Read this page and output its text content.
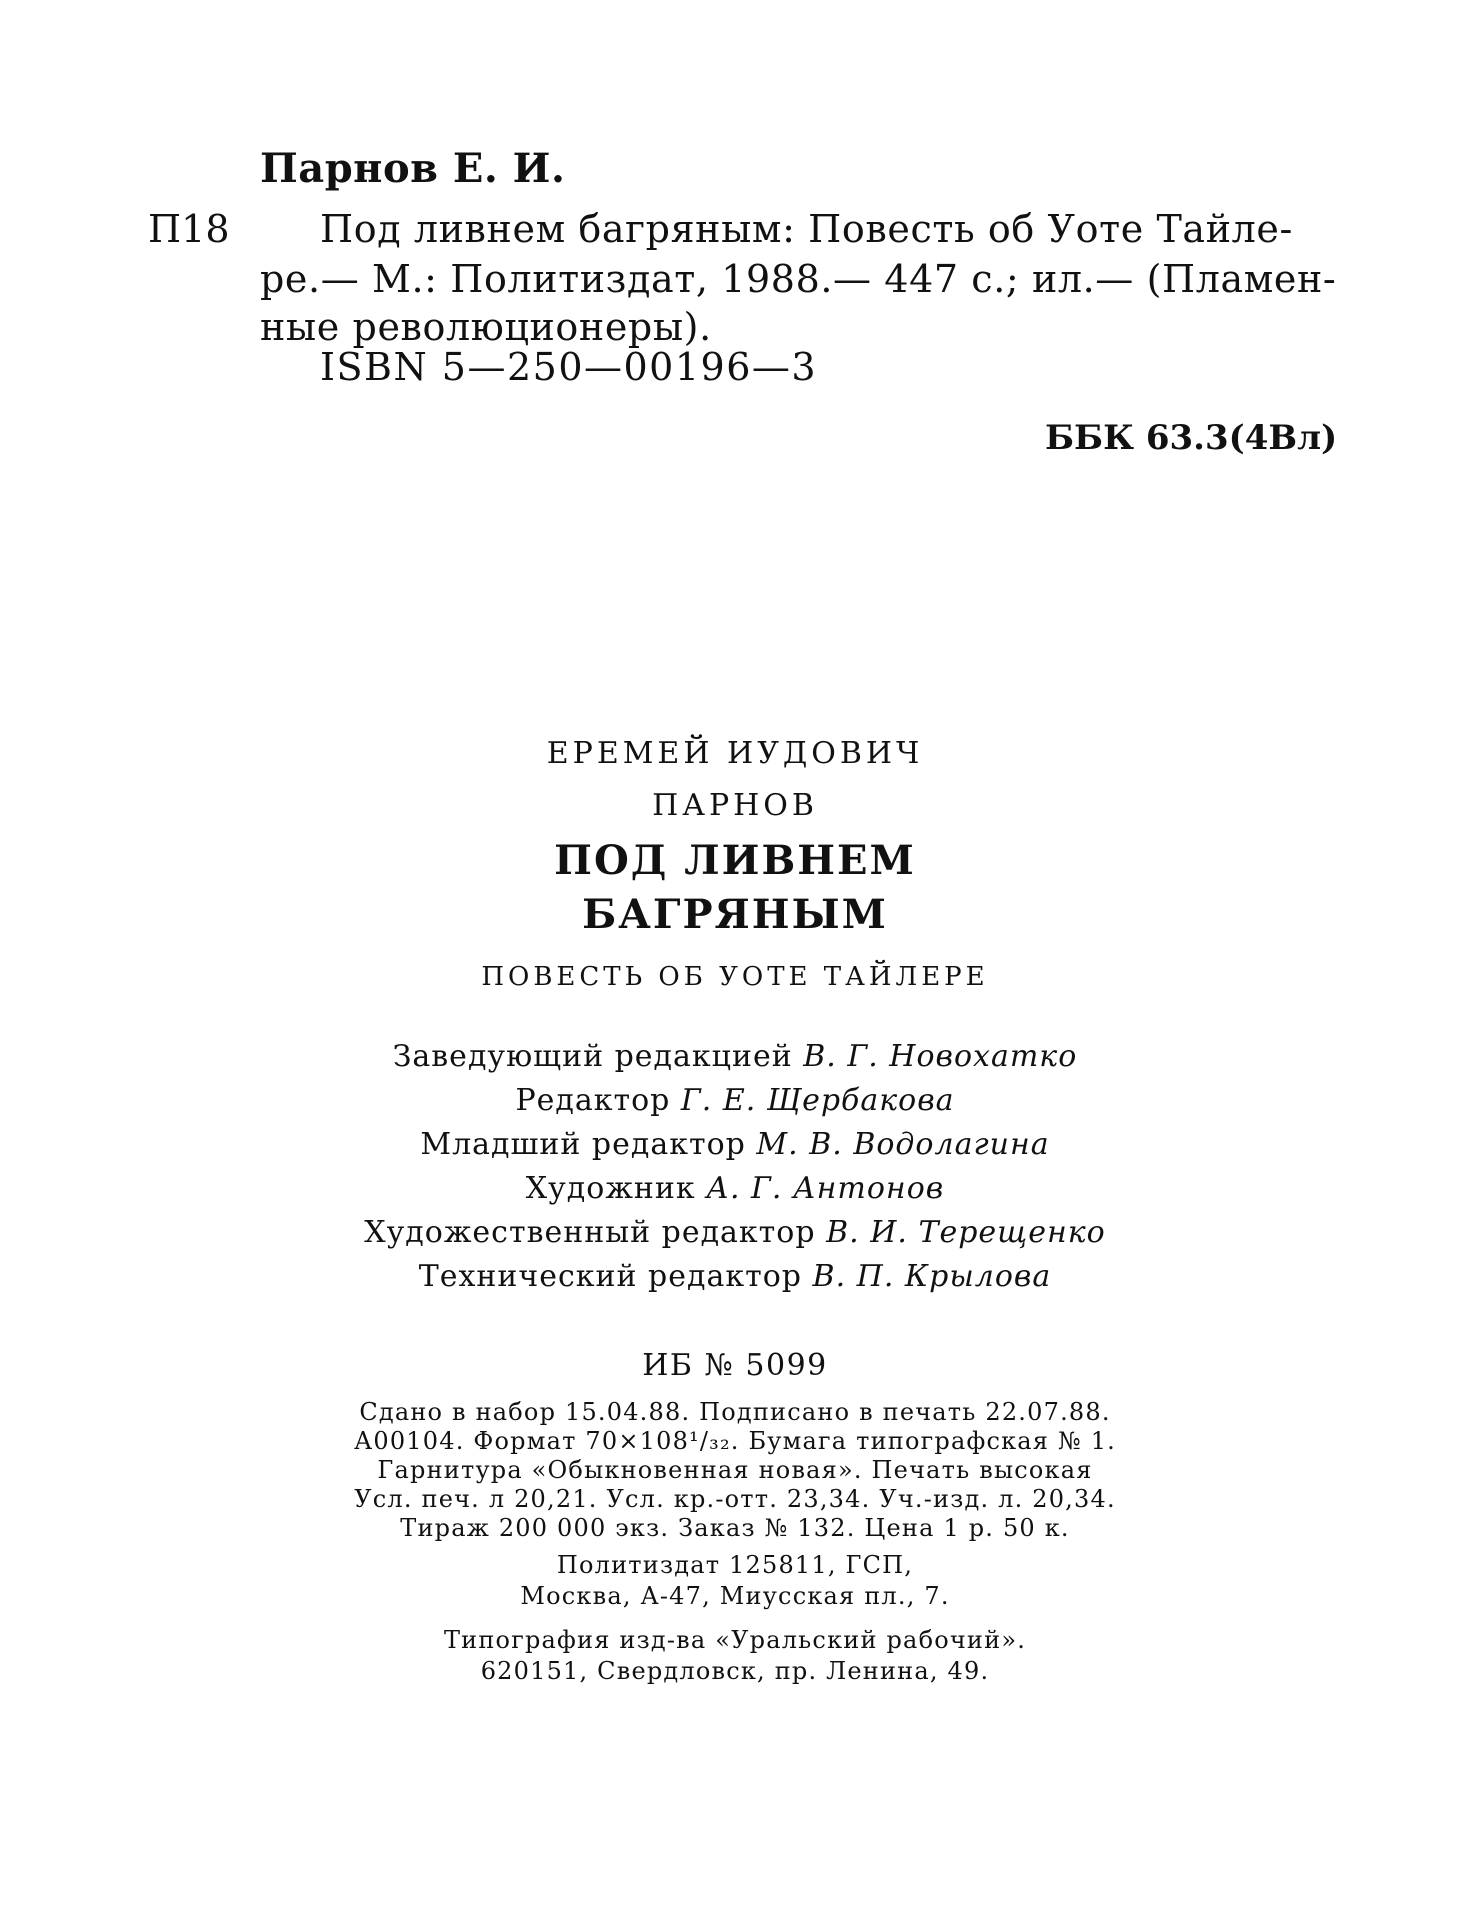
Парнов Е. И.
П18 Под ливнем багряным: Повесть об Уоте Тайле-
ре.— М.: Политиздат, 1988.— 447 с.; ил.— (Пламен-
ные революционеры).
ISBN 5—250—00196—3
ББК 63.3(4Вл)
ЕРЕМЕЙ ИУДОВИЧ
ПАРНОВ
ПОД ЛИВНЕМ
БАГРЯНЫМ
ПОВЕСТЬ ОБ УОТЕ ТАЙЛЕРЕ
Заведующий редакцией В. Г. Новохатко
Редактор Г. Е. Щербакова
Младший редактор М. В. Водолагина
Художник А. Г. Антонов
Художественный редактор В. И. Терещенко
Технический редактор В. П. Крылова
ИБ № 5099
Сдано в набор 15.04.88. Подписано в печать 22.07.88.
А00104. Формат 70×108¹/₃₂. Бумага типографская № 1.
Гарнитура «Обыкновенная новая». Печать высокая
Усл. печ. л 20,21. Усл. кр.-отт. 23,34. Уч.-изд. л. 20,34.
Тираж 200 000 экз. Заказ № 132. Цена 1 р. 50 к.
Политиздат 125811, ГСП,
Москва, А-47, Миусская пл., 7.
Типография изд-ва «Уральский рабочий».
620151, Свердловск, пр. Ленина, 49.
